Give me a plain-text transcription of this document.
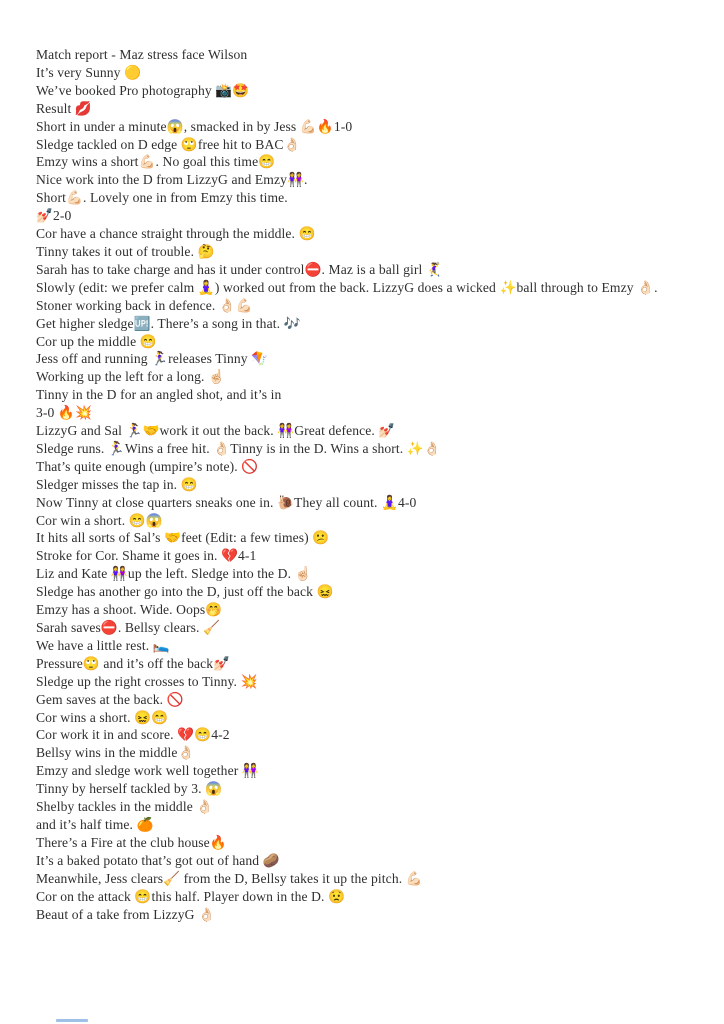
Match report - Maz stress face Wilson
It’s very Sunny 🟡
We’ve booked Pro photography 📸🤩
Result 💋
Short in under a minute😱, smacked in by Jess 💪🏻🔥1-0
Sledge tackled on D edge 🙄free hit to BAC👌🏻
Emzy wins a short💪🏻. No goal this time😁
Nice work into the D from LizzyG and Emzy👭.
Short💪🏻. Lovely one in from Emzy this time.
💅🏻2-0
Cor have a chance straight through the middle. 😁
Tinny takes it out of trouble. 🤔
Sarah has to take charge and has it under control⛔. Maz is a ball girl 🤾‍♀️
Slowly (edit: we prefer calm 🧘‍♀️) worked out from the back. LizzyG does a wicked ✨ball through to Emzy 👌🏻.
Stoner working back in defence. 👌🏻💪🏻
Get higher sledge🆙. There’s a song in that. 🎶
Cor up the middle 😁
Jess off and running 🏃‍♀️releases Tinny 🪁
Working up the left for a long. ☝🏻
Tinny in the D for an angled shot, and it’s in
3-0 🔥💥
LizzyG and Sal 🏃‍♀️🤝work it out the back. 👭Great defence. 💅🏻
Sledge runs. 🏃‍♀️Wins a free hit. 👌🏻Tinny is in the D. Wins a short. ✨👌🏻
That’s quite enough (umpire’s note). 🚫
Sledger misses the tap in. 😁
Now Tinny at close quarters sneaks one in. 🐌They all count. 🧘‍♀️4-0
Cor win a short. 😁😱
It hits all sorts of Sal’s 🤝feet (Edit: a few times) 😕
Stroke for Cor. Shame it goes in. 💔4-1
Liz and Kate 👭up the left. Sledge into the D. ☝🏻
Sledge has another go into the D, just off the back 😖
Emzy has a shoot. Wide. Oops🤭
Sarah saves⛔. Bellsy clears. 🧹
We have a little rest. 🛌
Pressure🙄 and it’s off the back💅🏻
Sledge up the right crosses to Tinny. 💥
Gem saves at the back. 🚫
Cor wins a short. 😖😁
Cor work it in and score. 💔😁4-2
Bellsy wins in the middle👌🏻
Emzy and sledge work well together 👭
Tinny by herself tackled by 3. 😱
Shelby tackles in the middle 👌🏻
and it’s half time. 🍊
There’s a Fire at the club house🔥
It’s a baked potato that’s got out of hand 🥔
Meanwhile, Jess clears🧹 from the D, Bellsy takes it up the pitch. 💪🏻
Cor on the attack 😁this half. Player down in the D. 😟
Beaut of a take from LizzyG 👌🏻
